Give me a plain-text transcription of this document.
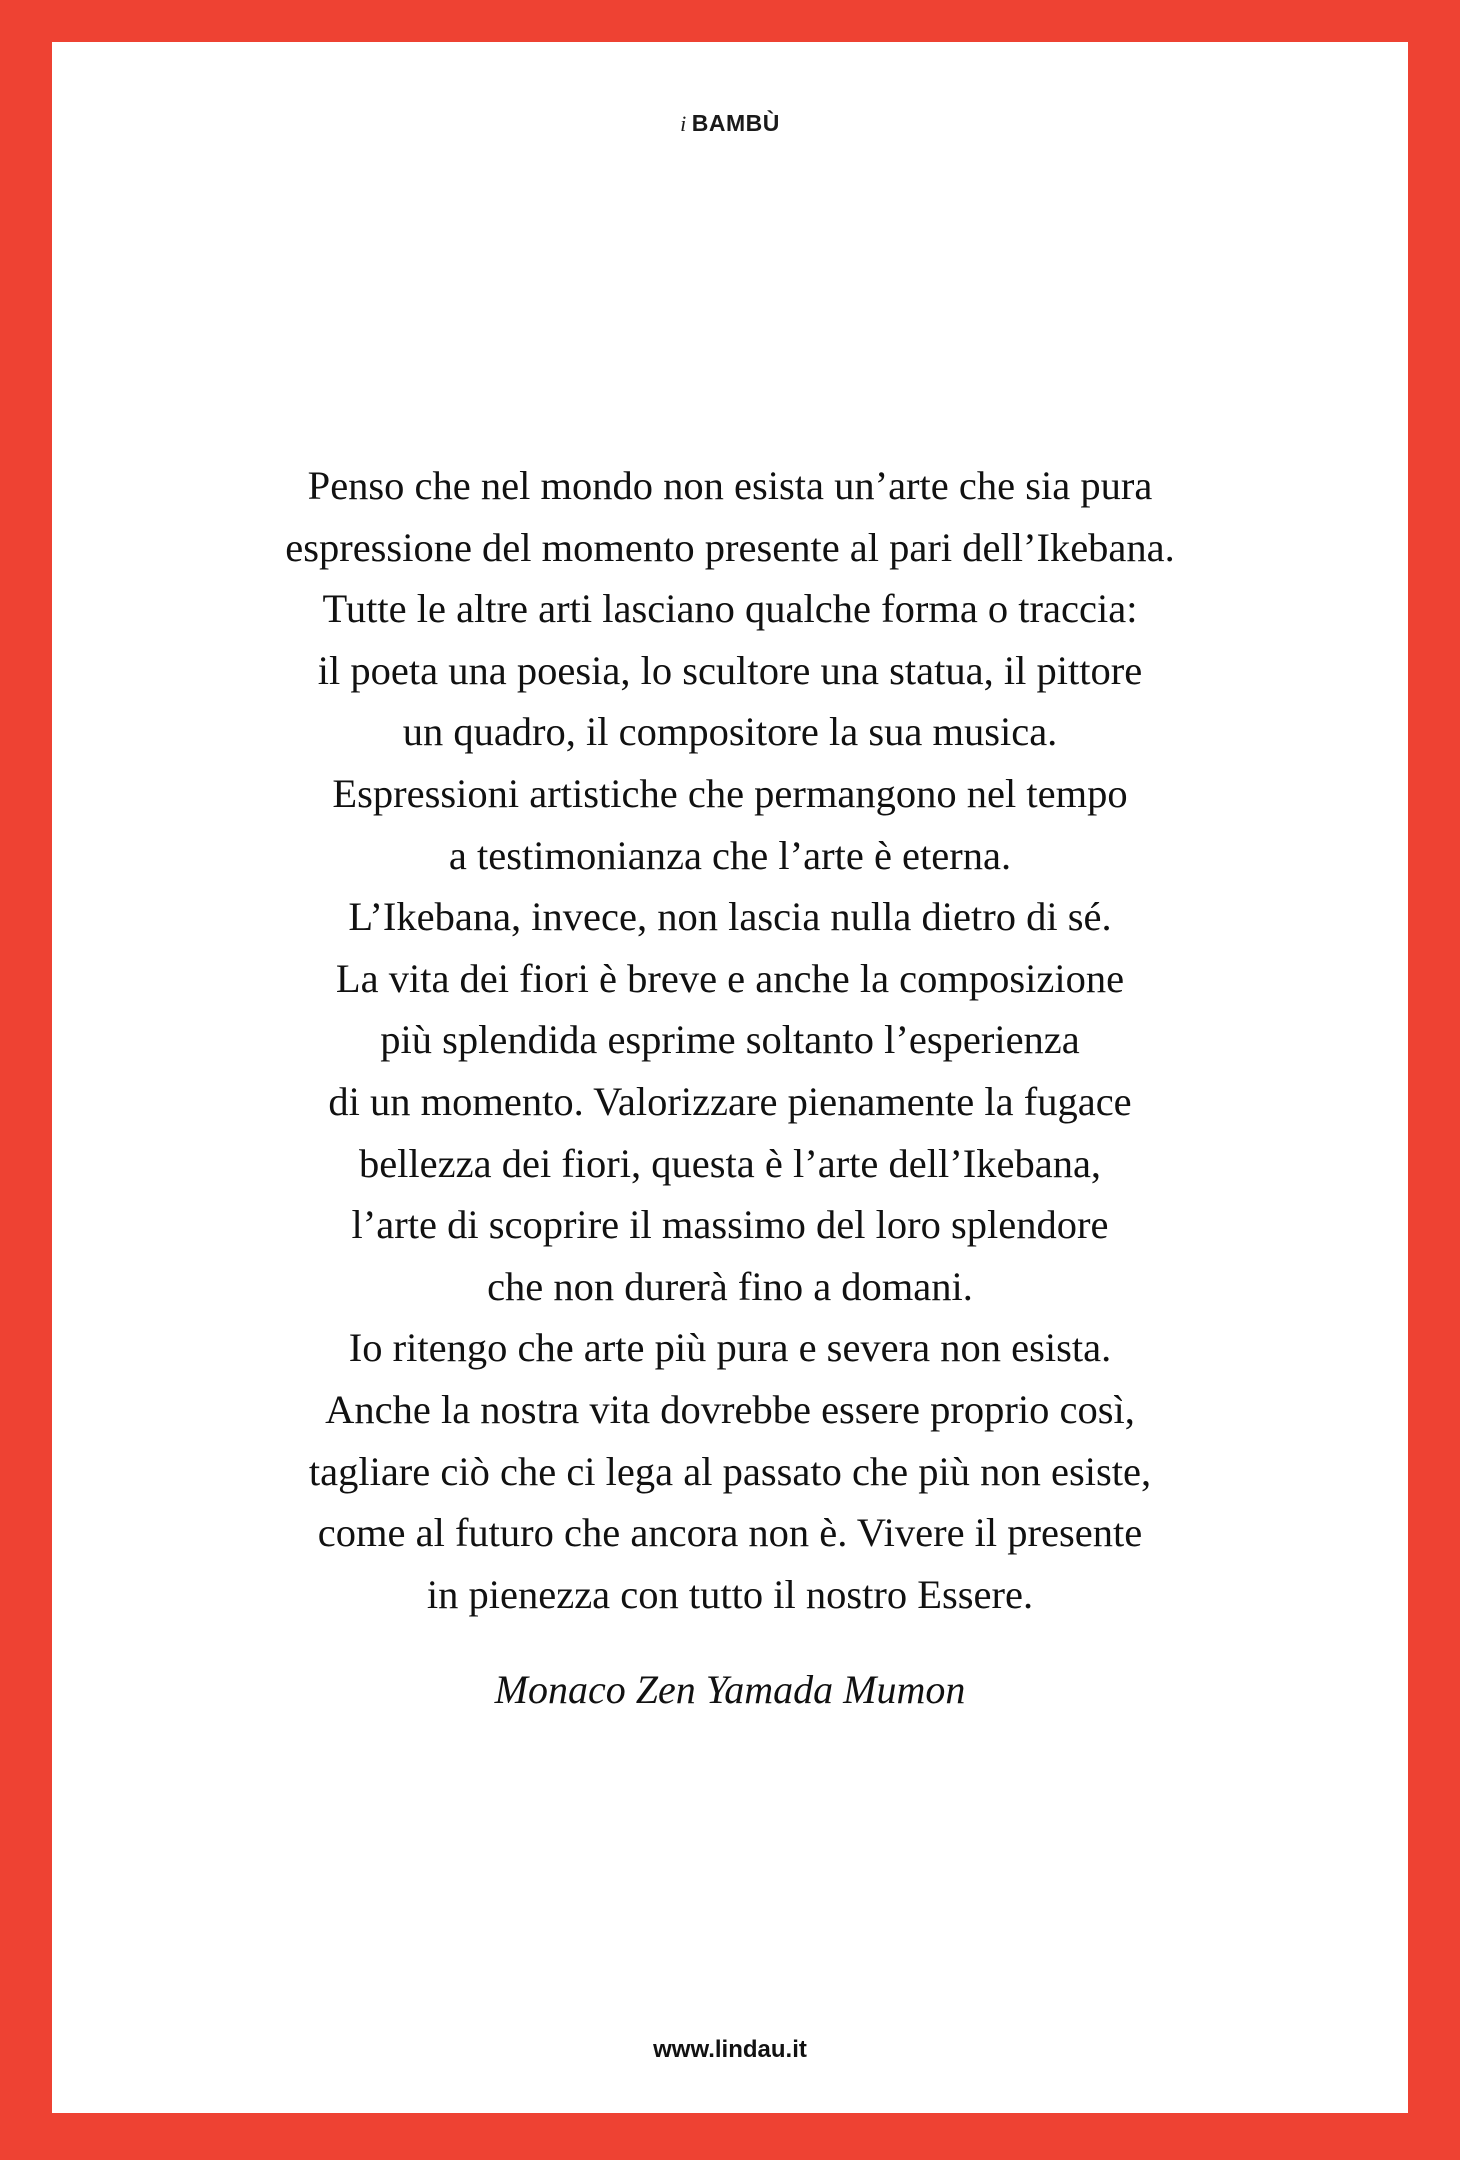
i BAMBÙ
Penso che nel mondo non esista un’arte che sia pura
espressione del momento presente al pari dell’Ikebana.
Tutte le altre arti lasciano qualche forma o traccia:
il poeta una poesia, lo scultore una statua, il pittore
un quadro, il compositore la sua musica.
Espressioni artistiche che permangono nel tempo
a testimonianza che l’arte è eterna.
L’Ikebana, invece, non lascia nulla dietro di sé.
La vita dei fiori è breve e anche la composizione
più splendida esprime soltanto l’esperienza
di un momento. Valorizzare pienamente la fugace
bellezza dei fiori, questa è l’arte dell’Ikebana,
l’arte di scoprire il massimo del loro splendore
che non durerà fino a domani.
Io ritengo che arte più pura e severa non esista.
Anche la nostra vita dovrebbe essere proprio così,
tagliare ciò che ci lega al passato che più non esiste,
come al futuro che ancora non è. Vivere il presente
in pienezza con tutto il nostro Essere.
Monaco Zen Yamada Mumon
www.lindau.it
